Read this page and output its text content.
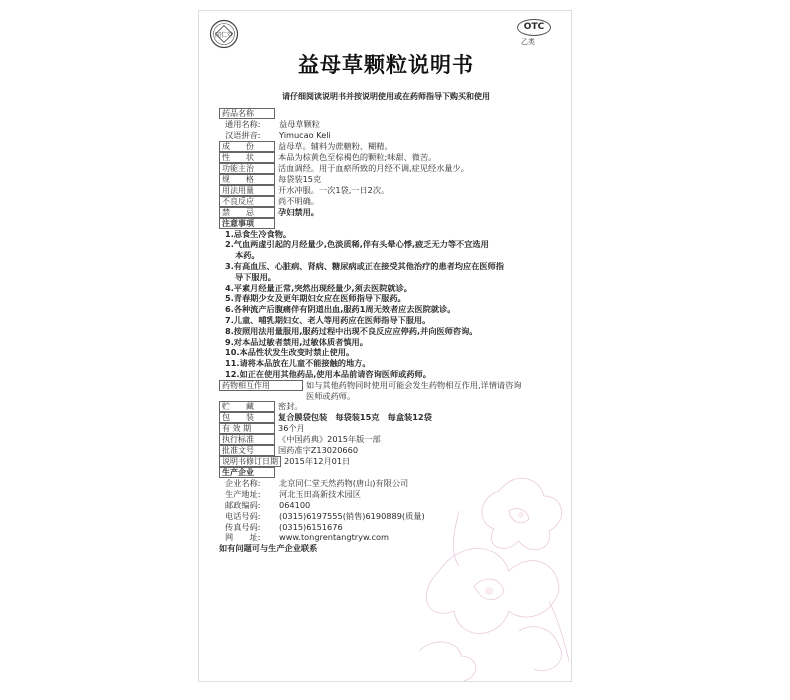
同仁堂
OTC
乙类
益母草颗粒说明书
请仔细阅读说明书并按说明使用或在药师指导下购买和使用
药品名称
通用名称:	益母草颗粒
汉语拼音:	Yimucao Keli
成　　份	益母草。辅料为蔗糖粉、糊精。
性　　状	本品为棕黄色至棕褐色的颗粒;味甜、微苦。
功能主治	活血调经。用于血瘀所致的月经不调,症见经水量少。
规　　格	每袋装15克
用法用量	开水冲服。一次1袋,一日2次。
不良反应	尚不明确。
禁　　忌	孕妇禁用。
注意事项
1.忌食生冷食物。
2.气血两虚引起的月经量少,色淡质稀,伴有头晕心悸,疲乏无力等不宜选用
本药。
3.有高血压、心脏病、肾病、糖尿病或正在接受其他治疗的患者均应在医师指
导下服用。
4.平素月经量正常,突然出现经量少,须去医院就诊。
5.青春期少女及更年期妇女应在医师指导下服药。
6.各种流产后腹痛伴有阴道出血,服药1周无效者应去医院就诊。
7.儿童、哺乳期妇女、老人等用药应在医师指导下服用。
8.按照用法用量服用,服药过程中出现不良反应应停药,并向医师咨询。
9.对本品过敏者禁用,过敏体质者慎用。
10.本品性状发生改变时禁止使用。
11.请将本品放在儿童不能接触的地方。
12.如正在使用其他药品,使用本品前请咨询医师或药师。
药物相互作用	如与其他药物同时使用可能会发生药物相互作用,详情请咨询
医师或药师。
贮　　藏	密封。
包　　装	复合膜袋包装　每袋装15克　每盒装12袋
有 效 期	36个月
执行标准	《中国药典》2015年版一部
批准文号	国药准字Z13020660
说明书修订日期 2015年12月01日
生产企业
企业名称:	北京同仁堂天然药物(唐山)有限公司
生产地址:	河北玉田高新技术园区
邮政编码:	064100
电话号码:	(0315)6197555(销售)6190889(质量)
传真号码:	(0315)6151676
网　　址:	www.tongrentangtryw.com
如有问题可与生产企业联系
